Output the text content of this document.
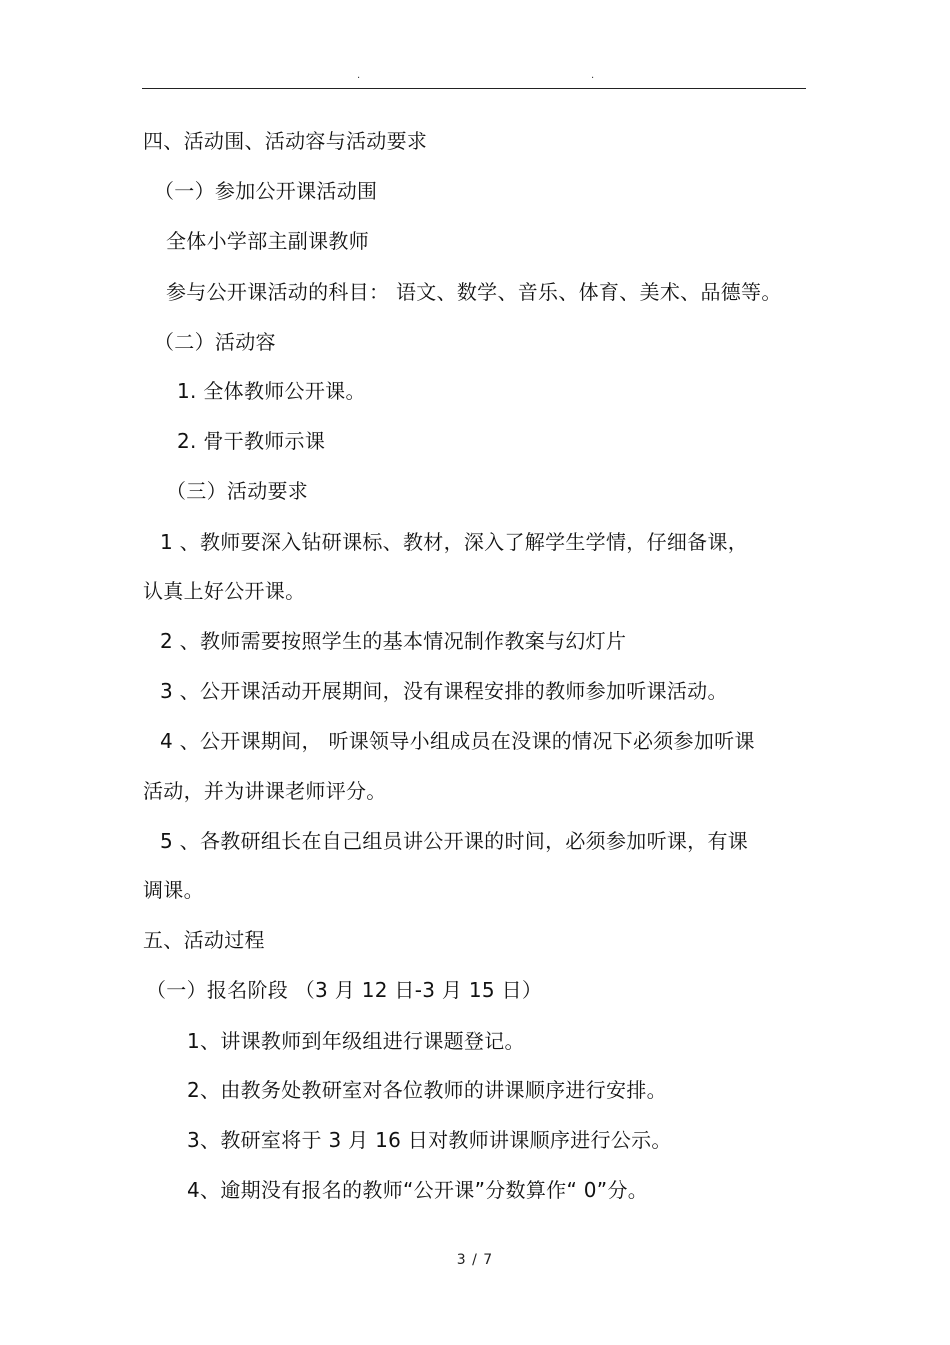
.	.
四、活动围、活动容与活动要求
（一）参加公开课活动围
全体小学部主副课教师
参与公开课活动的科目： 语文、数学、音乐、体育、美术、品德等。
（二）活动容
1. 全体教师公开课。
2. 骨干教师示课
（三）活动要求
1 、教师要深入钻研课标、教材，深入了解学生学情，仔细备课，
认真上好公开课。
2 、教师需要按照学生的基本情况制作教案与幻灯片
3 、公开课活动开展期间，没有课程安排的教师参加听课活动。
4 、公开课期间， 听课领导小组成员在没课的情况下必须参加听课
活动，并为讲课老师评分。
5 、各教研组长在自己组员讲公开课的时间，必须参加听课，有课
调课。
五、活动过程
（一）报名阶段 （3 月 12 日-3 月 15 日）
1、讲课教师到年级组进行课题登记。
2、由教务处教研室对各位教师的讲课顺序进行安排。
3、教研室将于 3 月 16 日对教师讲课顺序进行公示。
4、逾期没有报名的教师“公开课”分数算作“ 0”分。
3 / 7
